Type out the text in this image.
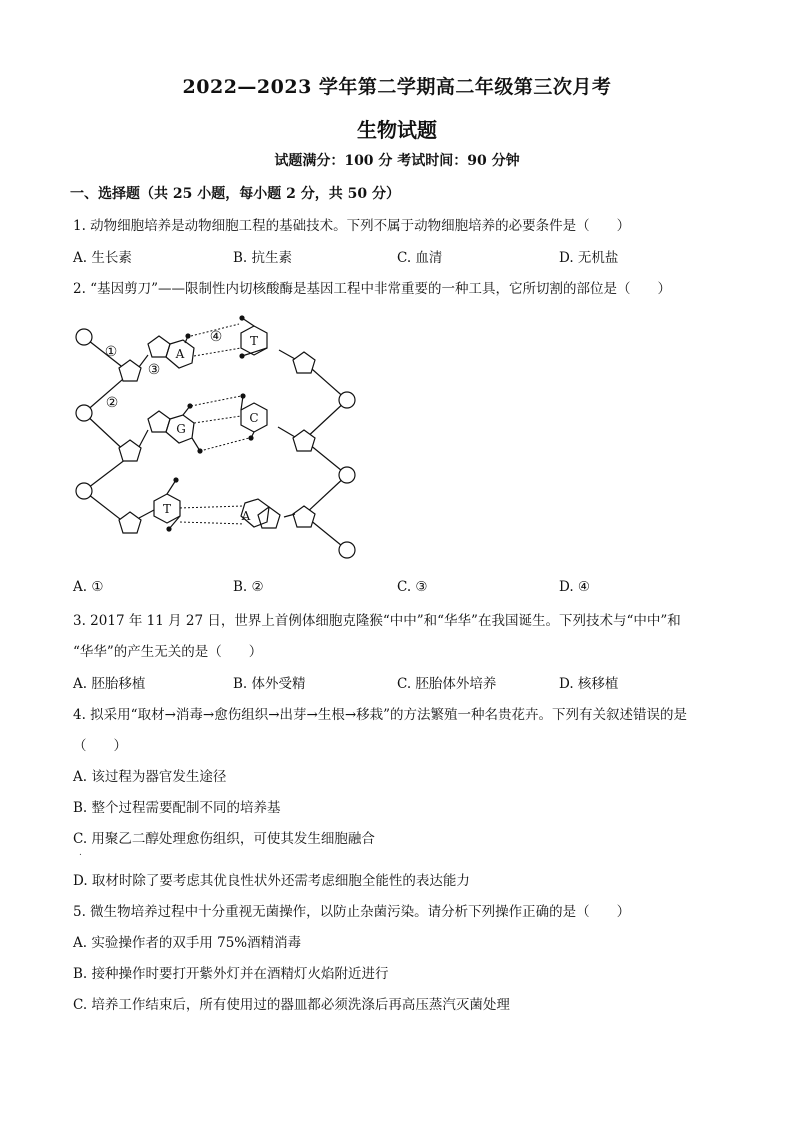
2022—2023 学年第二学期高二年级第三次月考
生物试题
试题满分：100 分 考试时间：90 分钟
一、选择题（共 25 小题，每小题 2 分，共 50 分）
1. 动物细胞培养是动物细胞工程的基础技术。下列不属于动物细胞培养的必要条件是（　　）
A. 生长素	B. 抗生素	C. 血清	D. 无机盐
2. “基因剪刀”——限制性内切核酸酶是基因工程中非常重要的一种工具，它所切割的部位是（　　）
A
T
G
C
T	A
①
②
③
④
A. ①	B. ②	C. ③	D. ④
3. 2017 年 11 月 27 日，世界上首例体细胞克隆猴“中中”和“华华”在我国诞生。下列技术与“中中”和
“华华”的产生无关的是（　　）
A. 胚胎移植	B. 体外受精	C. 胚胎体外培养	D. 核移植
4. 拟采用“取材→消毒→愈伤组织→出芽→生根→移栽”的方法繁殖一种名贵花卉。下列有关叙述错误的是
（　　）
A. 该过程为器官发生途径
B. 整个过程需要配制不同的培养基
C. 用聚乙二醇处理愈伤组织，可使其发生细胞融合
.
D. 取材时除了要考虑其优良性状外还需考虑细胞全能性的表达能力
5. 微生物培养过程中十分重视无菌操作，以防止杂菌污染。请分析下列操作正确的是（　　）
A. 实验操作者的双手用 75%酒精消毒
B. 接种操作时要打开紫外灯并在酒精灯火焰附近进行
C. 培养工作结束后，所有使用过的器皿都必须洗涤后再高压蒸汽灭菌处理
